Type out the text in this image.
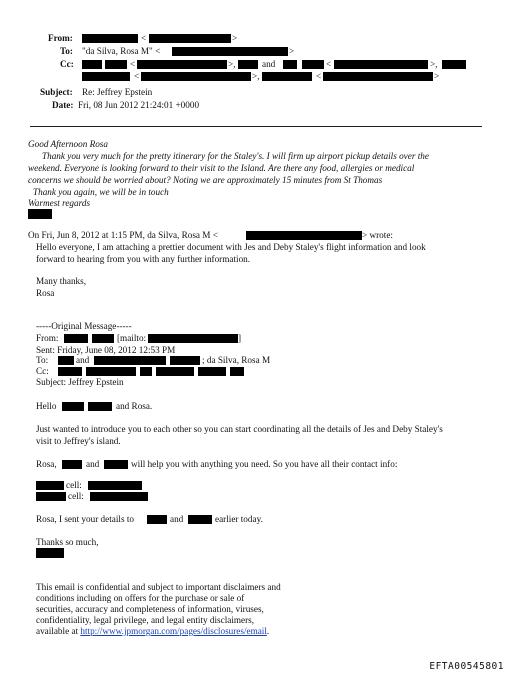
From:	<	>
To: "da Silva, Rosa M" <	>
Cc:	<	>,	and	<	>,
<	>,	<	>
Subject: Re: Jeffrey Epstein
Date: Fri, 08 Jun 2012 21:24:01 +0000
Good Afternoon Rosa
Thank you very much for the pretty itinerary for the Staley's. I will firm up airport pickup details over the
weekend. Everyone is looking forward to their visit to the Island. Are there any food, allergies or medical
concerns we should be worried about? Noting we are approximately 15 minutes from St Thomas
Thank you again, we will be in touch
Warmest regards
On Fri, Jun 8, 2012 at 1:15 PM, da Silva, Rosa M <	> wrote:
Hello everyone, I am attaching a prettier document with Jes and Deby Staley's flight information and look
forward to hearing from you with any further information.
Many thanks,
Rosa
-----Original Message-----
From:	[mailto:	]
Sent: Friday, June 08, 2012 12:53 PM
To:	and	; da Silva, Rosa M
Cc:
Subject: Jeffrey Epstein
Hello	and Rosa.
Just wanted to introduce you to each other so you can start coordinating all the details of Jes and Deby Staley's
visit to Jeffrey's island.
Rosa,	and	will help you with anything you need. So you have all their contact info:
cell:
cell:
Rosa, I sent your details to	and	earlier today.
Thanks so much,
This email is confidential and subject to important disclaimers and
conditions including on offers for the purchase or sale of
securities, accuracy and completeness of information, viruses,
confidentiality, legal privilege, and legal entity disclaimers,
available at http://www.jpmorgan.com/pages/disclosures/email.
EFTA00545801
